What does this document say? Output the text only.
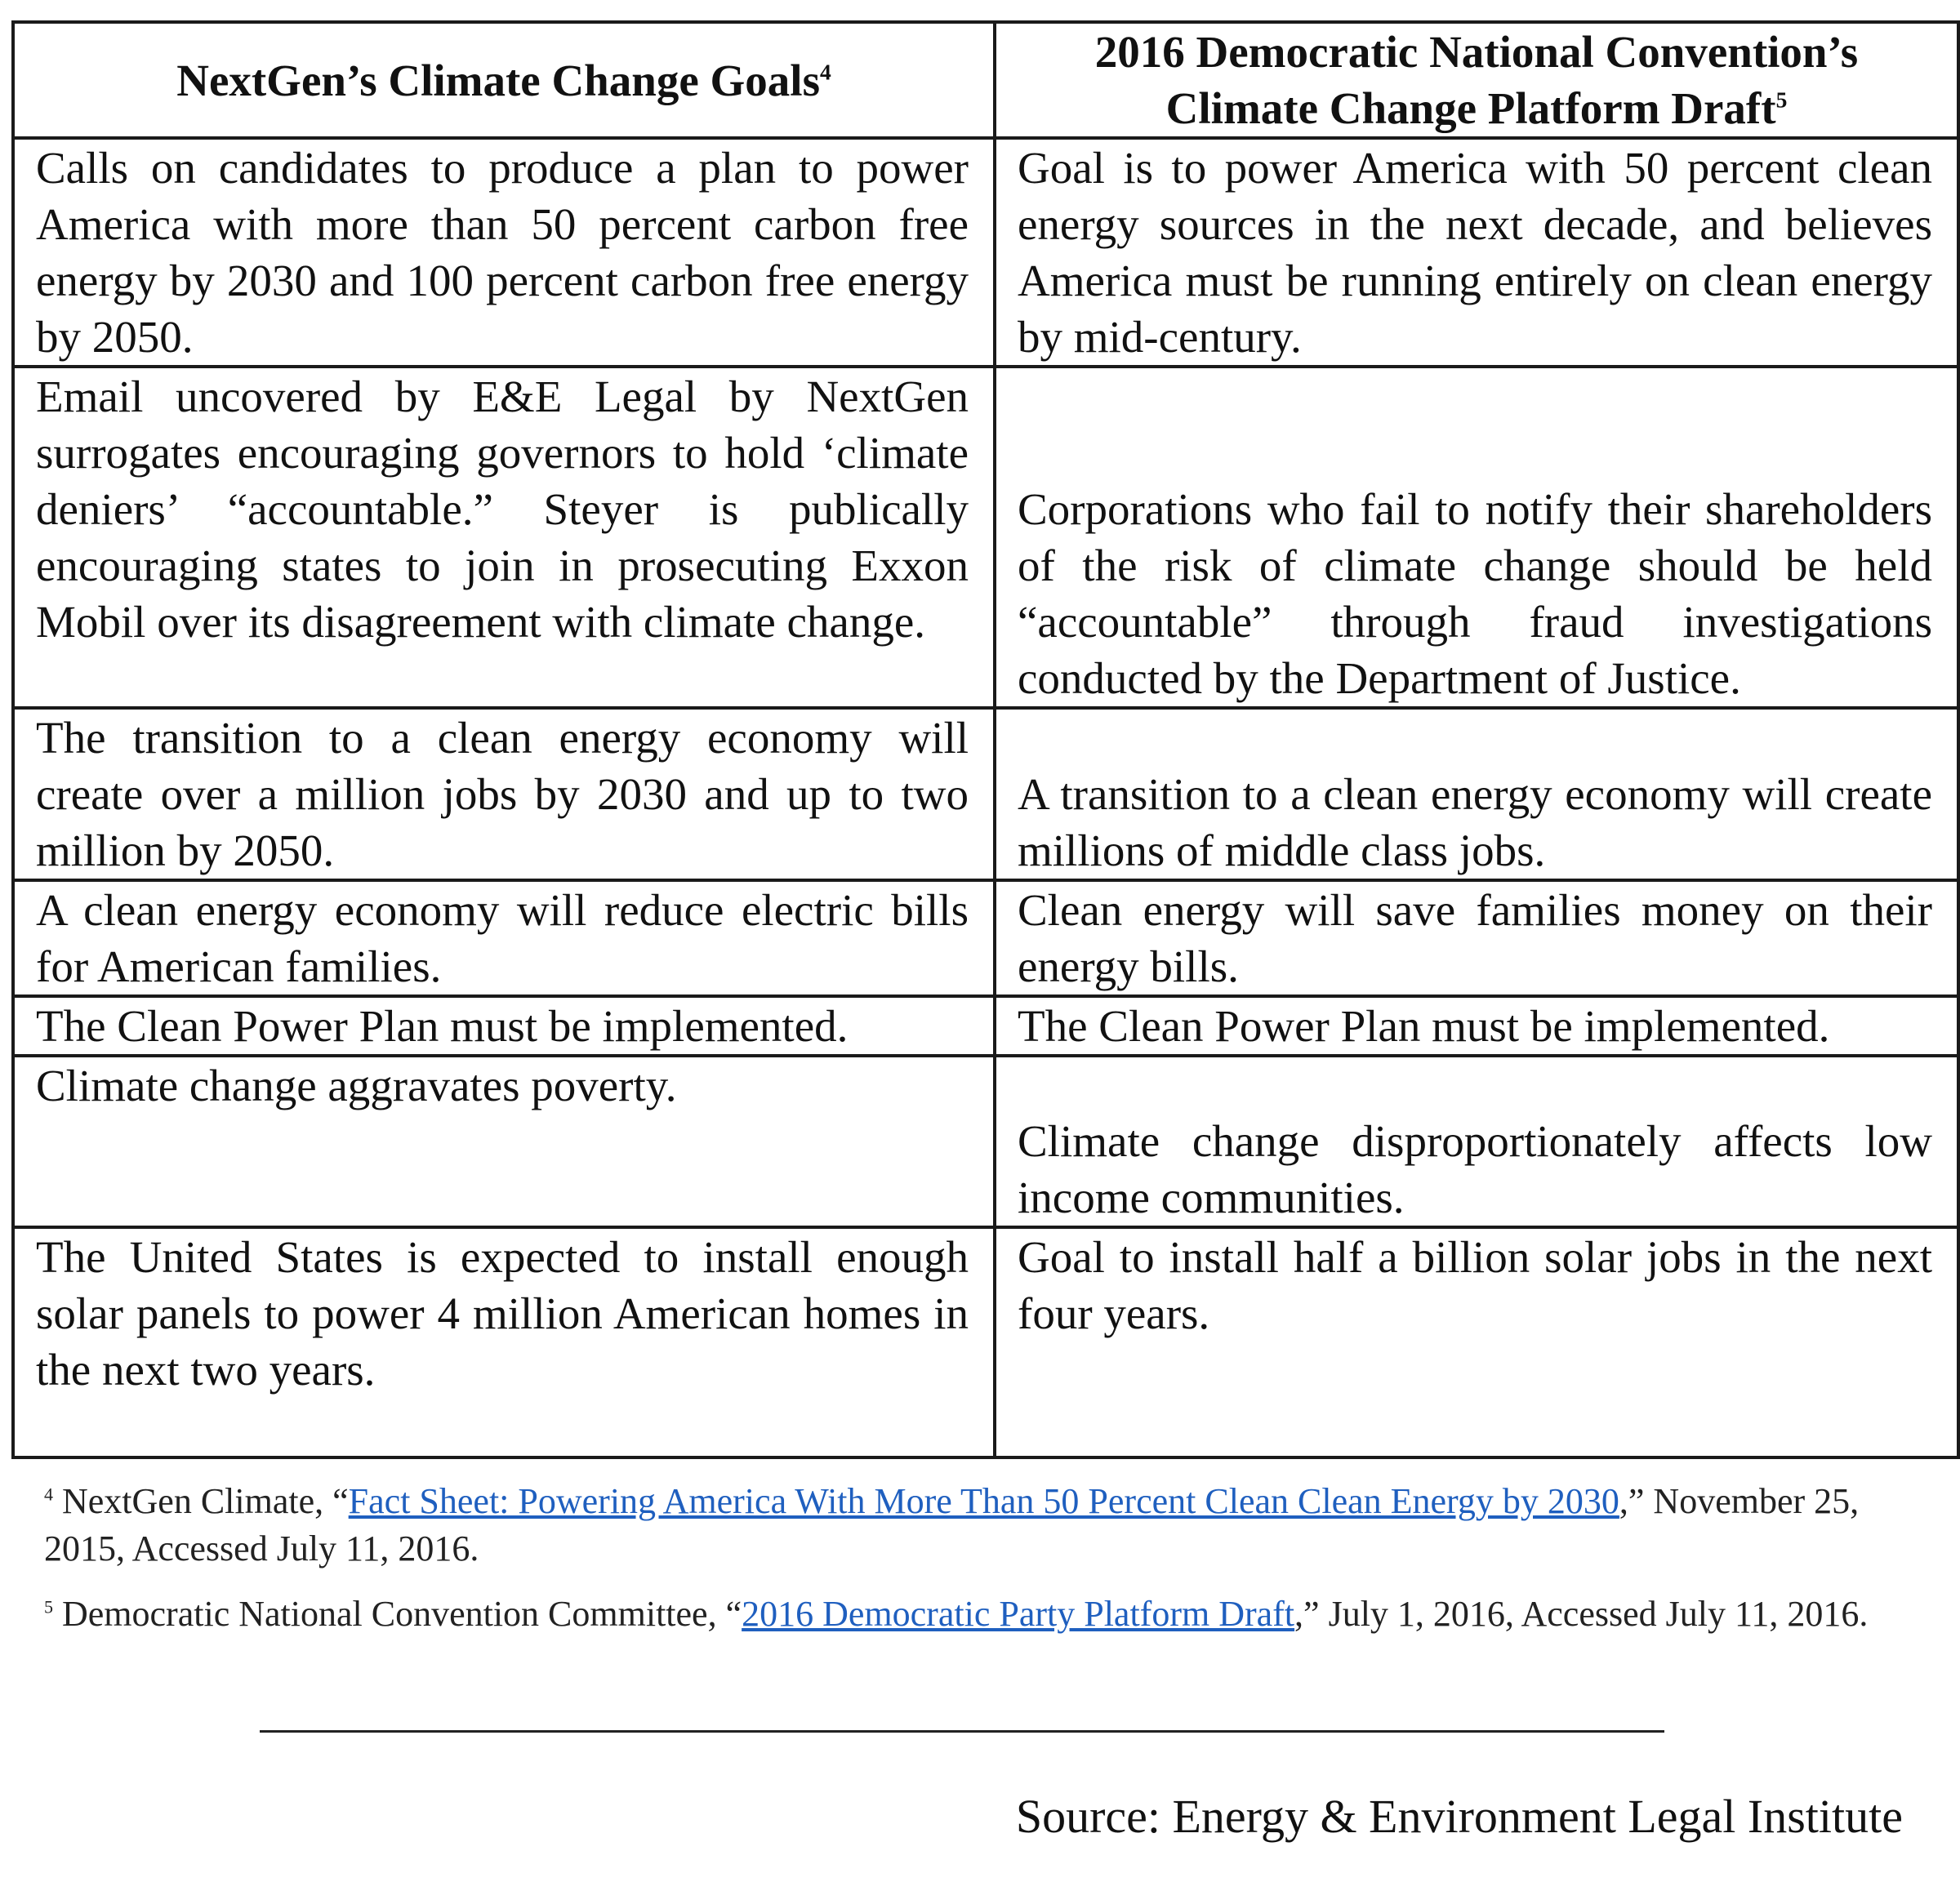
NextGen’s Climate Change Goals$^4$	2016 Democratic National Convention’s
Climate Change Platform Draft$^5$
Calls on candidates to produce a plan to power America with more than 50 percent carbon free energy by 2030 and 100 percent carbon free energy by 2050.	Goal is to power America with 50 percent clean energy sources in the next decade, and believes America must be running entirely on clean energy by mid-century.
Email uncovered by E&E Legal by NextGen surrogates encouraging governors to hold ‘climate deniers’ “accountable.” Steyer is publically encouraging states to join in prosecuting Exxon Mobil over its disagreement with climate change.	Corporations who fail to notify their shareholders of the risk of climate change should be held “accountable” through fraud investigations conducted by the Department of Justice.
The transition to a clean energy economy will create over a million jobs by 2030 and up to two million by 2050.	A transition to a clean energy economy will create millions of middle class jobs.
A clean energy economy will reduce electric bills for American families.	Clean energy will save families money on their energy bills.
The Clean Power Plan must be implemented.	The Clean Power Plan must be implemented.
Climate change aggravates poverty.	Climate change disproportionately affects low income communities.
The United States is expected to install enough solar panels to power 4 million American homes in the next two years.	Goal to install half a billion solar jobs in the next four years.

$^4$ NextGen Climate, “Fact Sheet: Powering America With More Than 50 Percent Clean Clean Energy by 2030,” November 25, 2015, Accessed July 11, 2016.

$^5$ Democratic National Convention Committee, “2016 Democratic Party Platform Draft,” July 1, 2016, Accessed July 11, 2016.

Source: Energy & Environment Legal Institute
